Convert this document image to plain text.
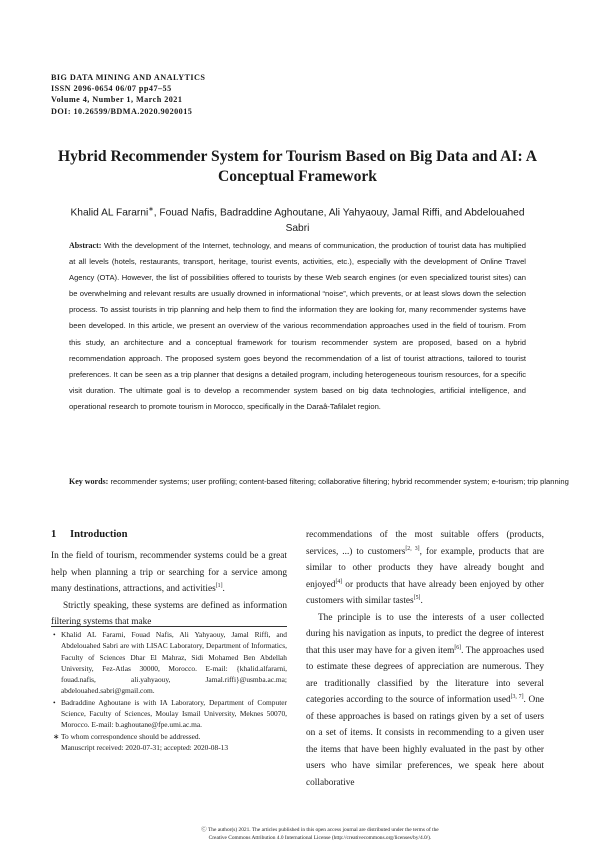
BIG DATA MINING AND ANALYTICS
ISSN 2096-0654 06/07 pp47–55
Volume 4, Number 1, March 2021
DOI: 10.26599/BDMA.2020.9020015
Hybrid Recommender System for Tourism Based on Big Data and AI: A Conceptual Framework
Khalid AL Fararni∗, Fouad Nafis, Badraddine Aghoutane, Ali Yahyaouy, Jamal Riffi, and Abdelouahed Sabri
Abstract: With the development of the Internet, technology, and means of communication, the production of tourist data has multiplied at all levels (hotels, restaurants, transport, heritage, tourist events, activities, etc.), especially with the development of Online Travel Agency (OTA). However, the list of possibilities offered to tourists by these Web search engines (or even specialized tourist sites) can be overwhelming and relevant results are usually drowned in informational “noise”, which prevents, or at least slows down the selection process. To assist tourists in trip planning and help them to find the information they are looking for, many recommender systems have been developed. In this article, we present an overview of the various recommendation approaches used in the field of tourism. From this study, an architecture and a conceptual framework for tourism recommender system are proposed, based on a hybrid recommendation approach. The proposed system goes beyond the recommendation of a list of tourist attractions, tailored to tourist preferences. It can be seen as a trip planner that designs a detailed program, including heterogeneous tourism resources, for a specific visit duration. The ultimate goal is to develop a recommender system based on big data technologies, artificial intelligence, and operational research to promote tourism in Morocco, specifically in the Daraâ-Tafilalet region.
Key words: recommender systems; user profiling; content-based filtering; collaborative filtering; hybrid recommender system; e-tourism; trip planning
1 Introduction

In the field of tourism, recommender systems could be a great help when planning a trip or searching for a service among many destinations, attractions, and activities[1].

Strictly speaking, these systems are defined as information filtering systems that make

• Khalid AL Fararni, Fouad Nafis, Ali Yahyaouy, Jamal Riffi, and Abdelouahed Sabri are with LISAC Laboratory, Department of Informatics, Faculty of Sciences Dhar El Mahraz, Sidi Mohamed Ben Abdellah University, Fez-Atlas 30000, Morocco. E-mail: {khalid.alfararni, fouad.nafis, ali.yahyaouy, Jamal.riffi}@usmba.ac.ma; abdelouahed.sabri@gmail.com.
• Badraddine Aghoutane is with IA Laboratory, Department of Computer Science, Faculty of Sciences, Moulay Ismail University, Meknes 50070, Morocco. E-mail: b.aghoutane@fpe.umi.ac.ma.
∗ To whom correspondence should be addressed.
Manuscript received: 2020-07-31; accepted: 2020-08-13

recommendations of the most suitable offers (products, services, ...) to customers[2, 3], for example, products that are similar to other products they have already bought and enjoyed[4] or products that have already been enjoyed by other customers with similar tastes[5].

The principle is to use the interests of a user collected during his navigation as inputs, to predict the degree of interest that this user may have for a given item[6]. The approaches used to estimate these degrees of appreciation are numerous. They are traditionally classified by the literature into several categories according to the source of information used[3, 7]. One of these approaches is based on ratings given by a set of users on a set of items. It consists in recommending to a given user the items that have been highly evaluated in the past by other users who have similar preferences, we speak here about collaborative

Ⓒ The author(s) 2021. The articles published in this open access journal are distributed under the terms of the
Creative Commons Attribution 4.0 International License (http://creativecommons.org/licenses/by/4.0/).
